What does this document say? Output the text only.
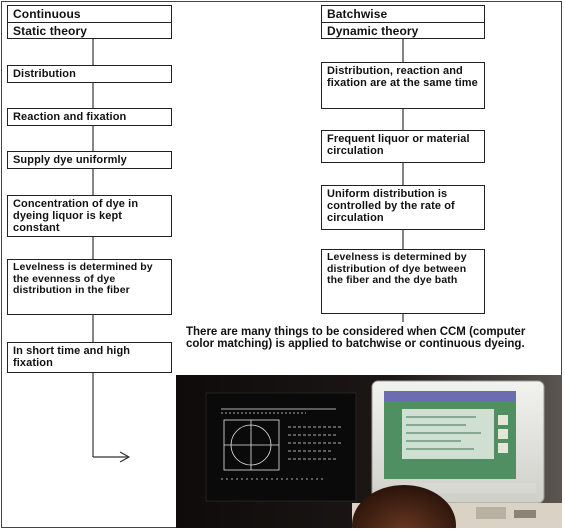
Continuous
Static theory
Distribution
Reaction and fixation
Supply dye uniformly
Concentration of dye in dyeing liquor is kept constant
Levelness is determined by the evenness of dye distribution in the fiber
In short time and high fixation
Batchwise
Dynamic theory
Distribution, reaction and fixation are at the same time
Frequent liquor or material circulation
Uniform distribution is controlled by the rate of circulation
Levelness is determined by distribution of dye between the fiber and the dye bath
There are many things to be considered when CCM (computer color matching) is applied to batchwise or continuous dyeing.
